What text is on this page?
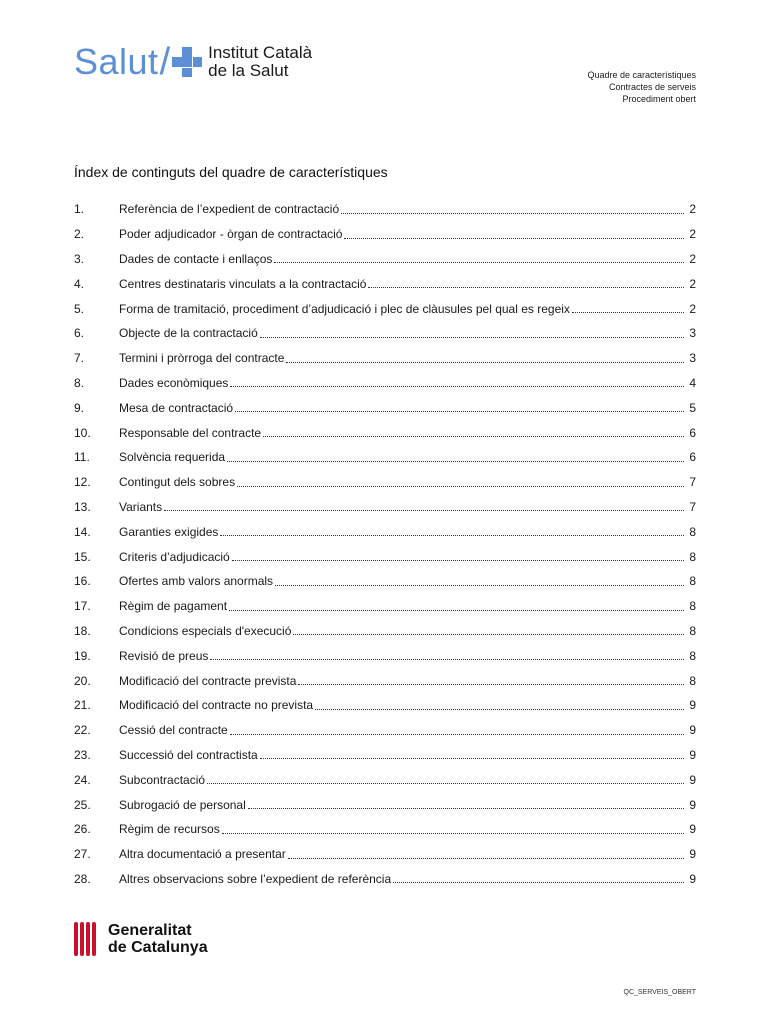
Salut / Institut Català
de la Salut	Quadre de característiques
Contractes de serveis
Procediment obert
Índex de continguts del quadre de característiques
1.	Referència de l’expedient de contractació	2
2.	Poder adjudicador - òrgan de contractació	2
3.	Dades de contacte i enllaços	2
4.	Centres destinataris vinculats a la contractació	2
5.	Forma de tramitació, procediment d’adjudicació i plec de clàusules pel qual es regeix	2
6.	Objecte de la contractació	3
7.	Termini i pròrroga del contracte	3
8.	Dades econòmiques	4
9.	Mesa de contractació	5
10.	Responsable del contracte	6
11.	Solvència requerida	6
12.	Contingut dels sobres	7
13.	Variants	7
14.	Garanties exigides	8
15.	Criteris d’adjudicació	8
16.	Ofertes amb valors anormals	8
17.	Règim de pagament	8
18.	Condicions especials d'execució	8
19.	Revisió de preus	8
20.	Modificació del contracte prevista	8
21.	Modificació del contracte no prevista	9
22.	Cessió del contracte	9
23.	Successió del contractista	9
24.	Subcontractació	9
25.	Subrogació de personal	9
26.	Règim de recursos	9
27.	Altra documentació a presentar	9
28.	Altres observacions sobre l’expedient de referència	9
Generalitat
de Catalunya
QC_SERVEIS_OBERT
